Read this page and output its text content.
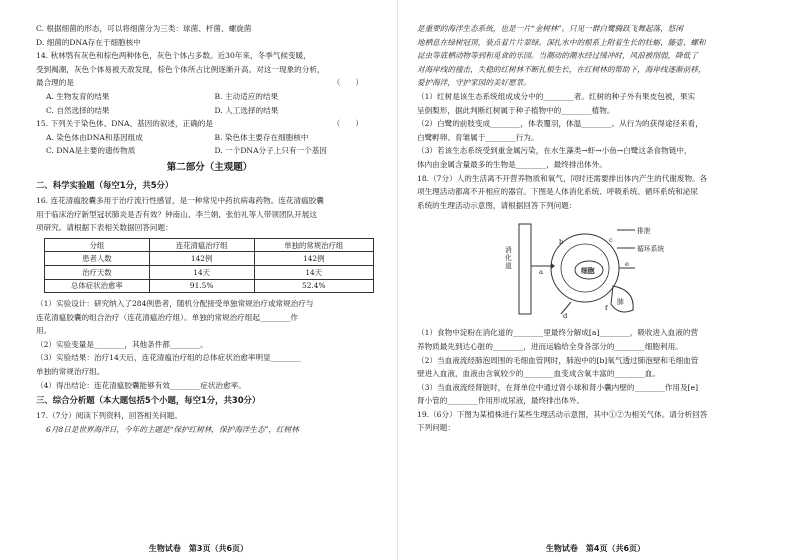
C. 根据细菌的形态，可以将细菌分为三类：球菌、杆菌、螺旋菌
D. 细菌的DNA存在于细胞核中
14. 秋林鸮有灰色和棕色两种体色，灰色个体占多数。近30年来，冬季气候变暖，
受到褐潮，灰色个体易被天敌发现，棕色个体所占比例逐渐升高。对这一现象的分析，
最合理的是	（　　）
A. 生物发育的结果	B. 主动适应的结果
C. 自然选择的结果	D. 人工选择的结果
15. 下列关于染色体、DNA、基因的叙述，正确的是	（　　）
A. 染色体由DNA和基因组成	B. 染色体主要存在细胞核中
C. DNA是主要的遗传物质	D. 一个DNA分子上只有一个基因
第二部分（主观题）
二、科学实验题（每空1分，共5分）
16. 连花清瘟胶囊多用于治疗流行性感冒，是一种常见中药抗病毒药物。连花清瘟胶囊
用于临床治疗新型冠状肺炎是否有效？钟南山、李兰娟、张伯礼等人带领团队开展这
项研究。请根据下表相关数据回答问题：
分组	连花清瘟治疗组	单独的常规治疗组
患者人数	142例	142例
治疗天数	14天	14天
总体症状治愈率	91.5%	52.4%
（1）实验设计：研究纳入了284例患者，随机分配接受单独常规治疗或常规治疗与
连花清瘟胶囊的组合治疗（连花清瘟治疗组）。单独的常规治疗组起________作
用。
（2）实验变量是________，其他条件都________。
（3）实验结果：治疗14天后，连花清瘟治疗组的总体症状治愈率明显________
单独的常规治疗组。
（4）得出结论：连花清瘟胶囊能够有效________症状治愈率。
三、综合分析题（本大题包括5个小题，每空1分，共30分）
17.（7分）阅读下列资料，回答相关问题。
6月8日是世界海洋日，今年的主题是“保护红树林，保护海洋生态”，红树林
生物试卷　第3页（共6页）
是重要的海洋生态系统，也是一片“金树林”。只见一群白鹭腾跃飞舞起落，悠闲
地栖息在绿树冠顶，装点着片片翠绿。深扎水中的根系上附着生长的牡蛎、藤壶、螺和
昆虫等底栖动物等到和觅食的乐园。当潮动的潮水经过缓冲时，风浪被削弱，降低了
对海岸线的撞击，失稳的红树林不断扎根生长，在红树林的帮助下，海岸线逐渐前移，
爱护海洋，守护家园的美好愿景。
（1）红树是该生态系统组成成分中的________者。红树的种子外有果皮包被，果实
呈倒梨形，据此判断红树属于种子植物中的________植物。
（2）白鹭的前肢变成________，体表覆羽，体温________。从行为的获得途径来看，
白鹭孵卵、育雏属于________行为。
（3）若该生态系统受到重金属污染，在水生藻类→虾→小鱼→白鹭这条食物链中，
体内由金属含量最多的生物是________，最终排出体外。
18.（7分）人的生活离不开营养物质和氧气，同时还需要排出体内产生的代谢废物。各
项生理活动都离不开相应的器官。下图是人体消化系统、呼吸系统、循环系统和泌尿
系统的生理活动示意图，请根据回答下列问题：
排泄
循环系统
细胞
消化道
肺
a
b	c
d
e
f
（1）食物中淀粉在消化道的________里最终分解成[a]________，吸收进入血液的营
养物质最先到达心脏的________，进而运输给全身各部分的________细胞利用。
（2）当血液流经肺泡周围的毛细血管网时，肺泡中的[b]氧气透过肺泡壁和毛细血管
壁进入血液，血液由含氧较少的________血变成含氧丰富的________血。
（3）当血液流经肾脏时，在肾单位中通过肾小球和肾小囊内壁的________作用及[e]
肾小管的________作用形成尿液，最终排出体外。
19.（6分）下图为某植株进行某些生理活动示意图，其中①②为相关气体。请分析回答
下列问题：
生物试卷　第4页（共6页）
